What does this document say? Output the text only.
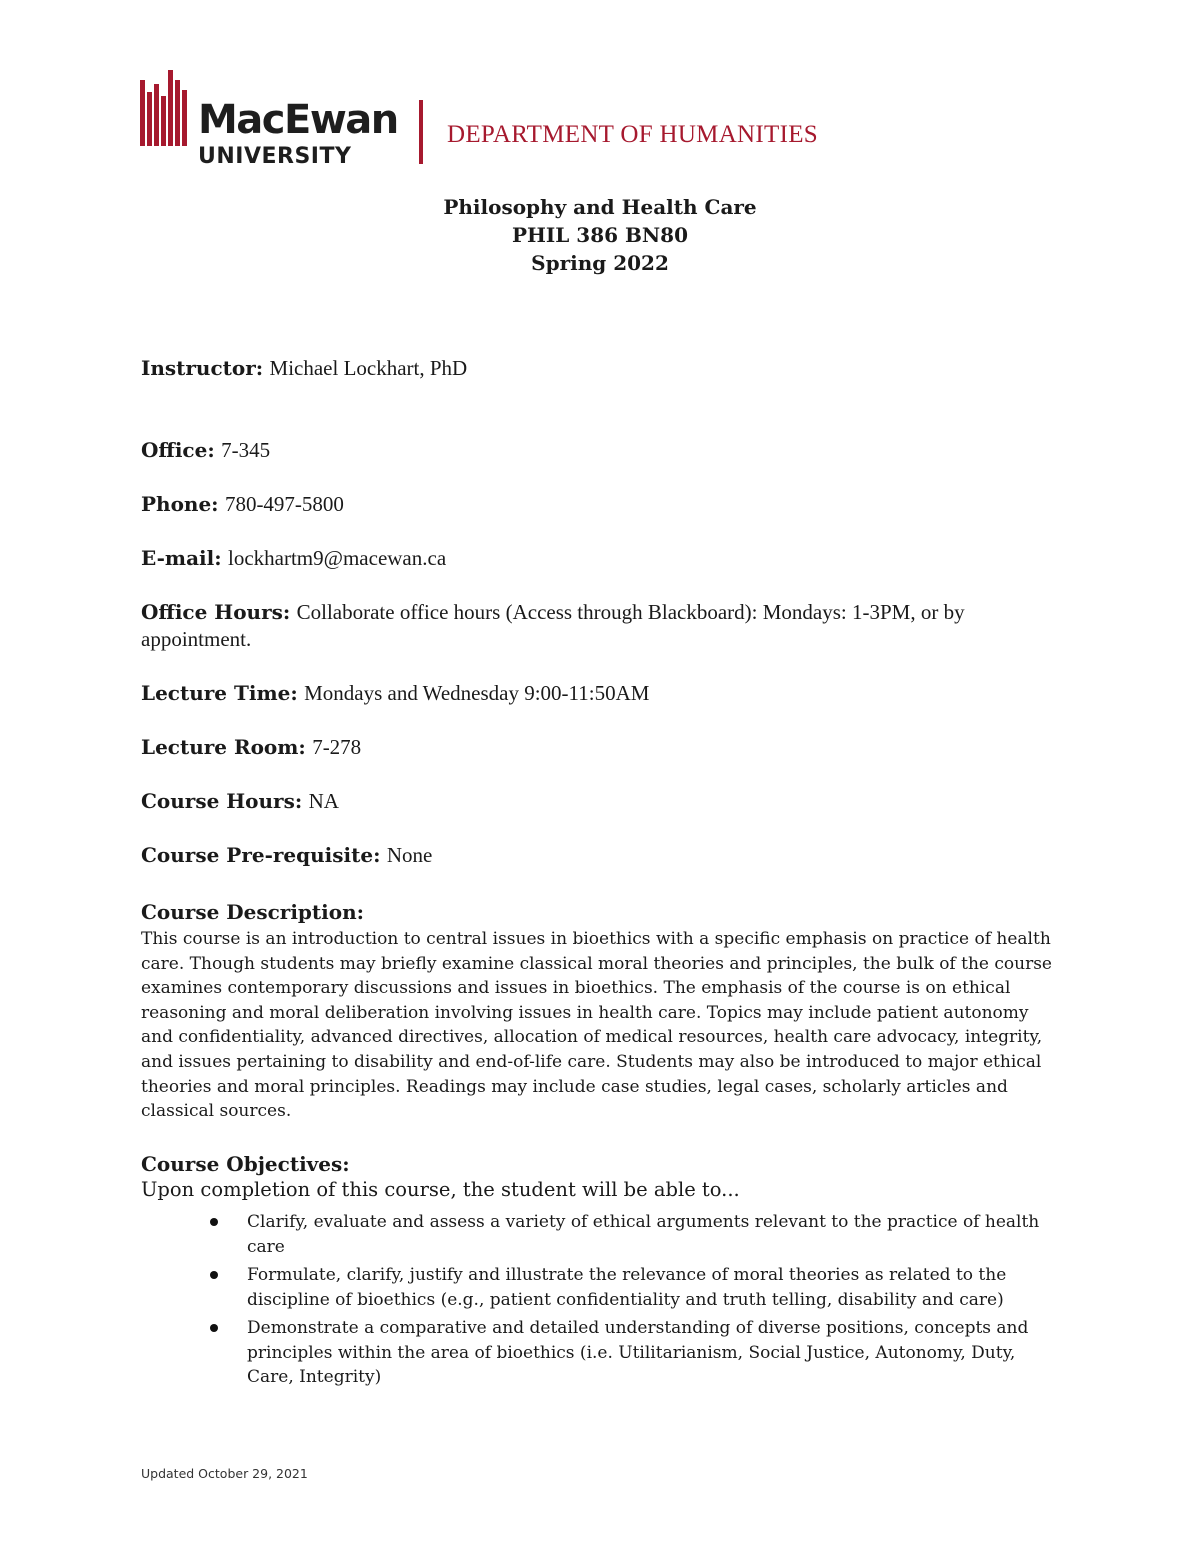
MacEwan
UNIVERSITY
DEPARTMENT OF HUMANITIES
Philosophy and Health Care
PHIL 386 BN80
Spring 2022
Instructor: Michael Lockhart, PhD
Office: 7-345
Phone: 780-497-5800
E-mail: lockhartm9@macewan.ca
Office Hours: Collaborate office hours (Access through Blackboard): Mondays: 1-3PM, or by appointment.
Lecture Time: Mondays and Wednesday 9:00-11:50AM
Lecture Room: 7-278
Course Hours: NA
Course Pre-requisite: None
Course Description:
This course is an introduction to central issues in bioethics with a specific emphasis on practice of health care. Though students may briefly examine classical moral theories and principles, the bulk of the course examines contemporary discussions and issues in bioethics. The emphasis of the course is on ethical reasoning and moral deliberation involving issues in health care. Topics may include patient autonomy and confidentiality, advanced directives, allocation of medical resources, health care advocacy, integrity, and issues pertaining to disability and end-of-life care. Students may also be introduced to major ethical theories and moral principles. Readings may include case studies, legal cases, scholarly articles and classical sources.
Course Objectives:
Upon completion of this course, the student will be able to...
Clarify, evaluate and assess a variety of ethical arguments relevant to the practice of health care
Formulate, clarify, justify and illustrate the relevance of moral theories as related to the discipline of bioethics (e.g., patient confidentiality and truth telling, disability and care)
Demonstrate a comparative and detailed understanding of diverse positions, concepts and principles within the area of bioethics (i.e. Utilitarianism, Social Justice, Autonomy, Duty, Care, Integrity)
Updated October 29, 2021
